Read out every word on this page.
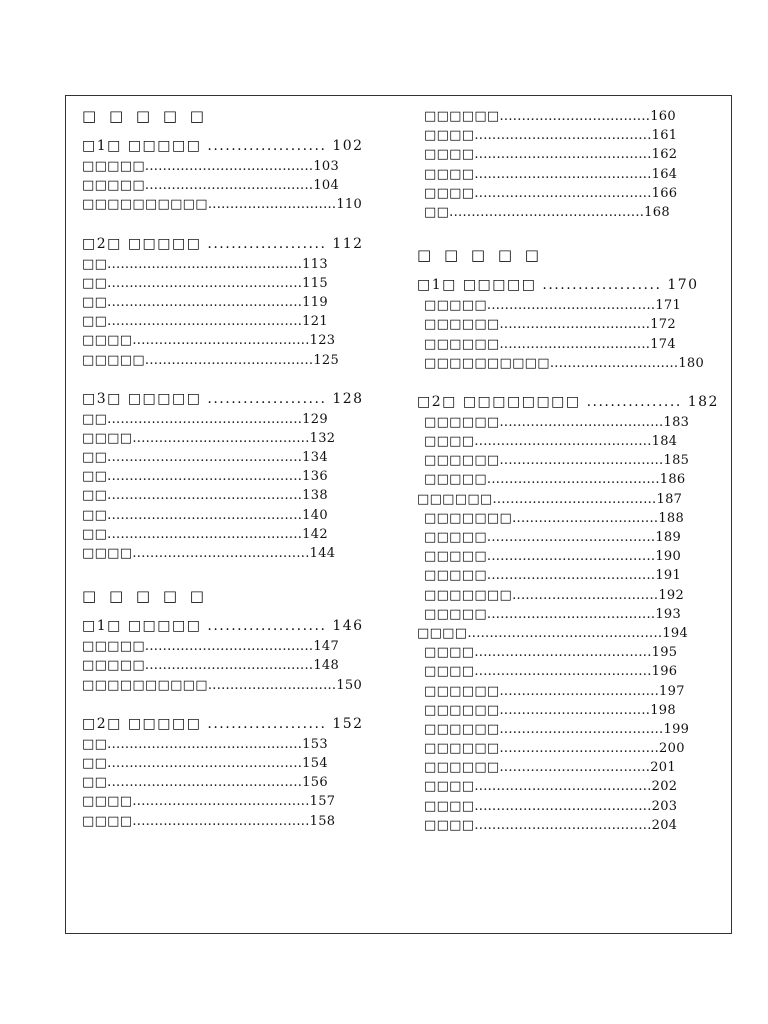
□ □ □ □ □
□1□ □□□□□ .................... 102
□□□□□......................................103
□□□□□......................................104
□□□□□□□□□□.............................110
□2□ □□□□□ .................... 112
□□............................................113
□□............................................115
□□............................................119
□□............................................121
□□□□........................................123
□□□□□......................................125
□3□ □□□□□ .................... 128
□□............................................129
□□□□........................................132
□□............................................134
□□............................................136
□□............................................138
□□............................................140
□□............................................142
□□□□........................................144
□ □ □ □ □
□1□ □□□□□ .................... 146
□□□□□......................................147
□□□□□......................................148
□□□□□□□□□□.............................150
□2□ □□□□□ .................... 152
□□............................................153
□□............................................154
□□............................................156
□□□□........................................157
□□□□........................................158
□□□□□□..................................160
□□□□........................................161
□□□□........................................162
□□□□........................................164
□□□□........................................166
□□............................................168
□ □ □ □ □
□1□ □□□□□ .................... 170
□□□□□......................................171
□□□□□□..................................172
□□□□□□..................................174
□□□□□□□□□□.............................180
□2□ □□□□□□□□ ................ 182
□□□□□□.....................................183
□□□□........................................184
□□□□□□.....................................185
□□□□□.......................................186
□□□□□□.....................................187
□□□□□□□.................................188
□□□□□......................................189
□□□□□......................................190
□□□□□......................................191
□□□□□□□.................................192
□□□□□......................................193
□□□□............................................194
□□□□........................................195
□□□□........................................196
□□□□□□....................................197
□□□□□□..................................198
□□□□□□.....................................199
□□□□□□....................................200
□□□□□□..................................201
□□□□........................................202
□□□□........................................203
□□□□........................................204
